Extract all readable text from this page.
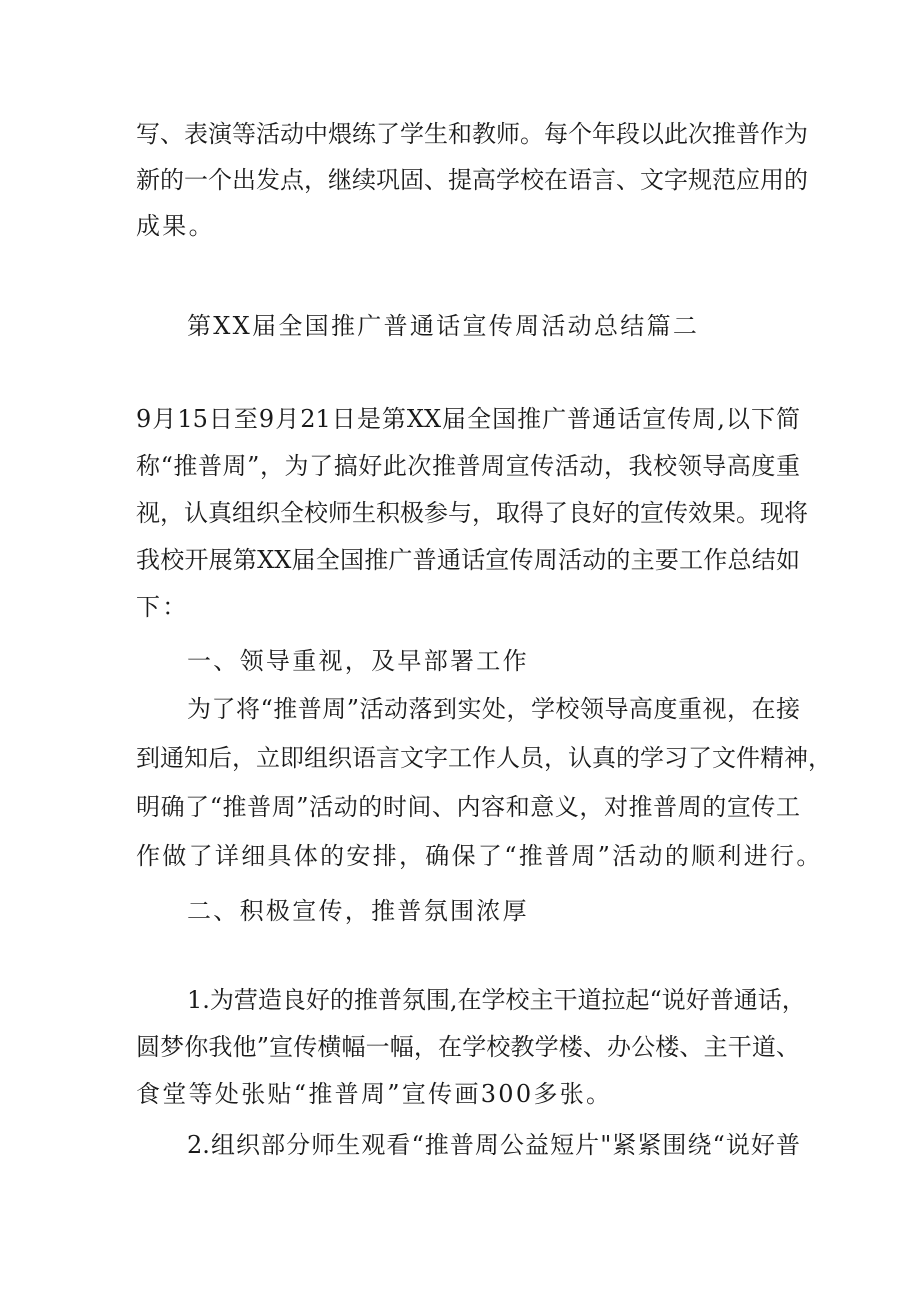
写、表演等活动中煨练了学生和教师。每个年段以此次推普作为
新的一个出发点，继续巩固、提高学校在语言、文字规范应用的
成果。
第XX届全国推广普通话宣传周活动总结篇二
9月15日至9月21日是第XX届全国推广普通话宣传周,以下简
称“推普周”，为了搞好此次推普周宣传活动，我校领导高度重
视，认真组织全校师生积极参与，取得了良好的宣传效果。现将
我校开展第XX届全国推广普通话宣传周活动的主要工作总结如
下：
一、领导重视，及早部署工作
为了将“推普周”活动落到实处，学校领导高度重视，在接
到通知后，立即组织语言文字工作人员，认真的学习了文件精神，
明确了“推普周”活动的时间、内容和意义，对推普周的宣传工
作做了详细具体的安排，确保了“推普周”活动的顺利进行。
二、积极宣传，推普氛围浓厚
1.为营造良好的推普氛围,在学校主干道拉起“说好普通话，
圆梦你我他”宣传横幅一幅，在学校教学楼、办公楼、主干道、
食堂等处张贴“推普周”宣传画300多张。
2.组织部分师生观看“推普周公益短片"紧紧围绕“说好普
